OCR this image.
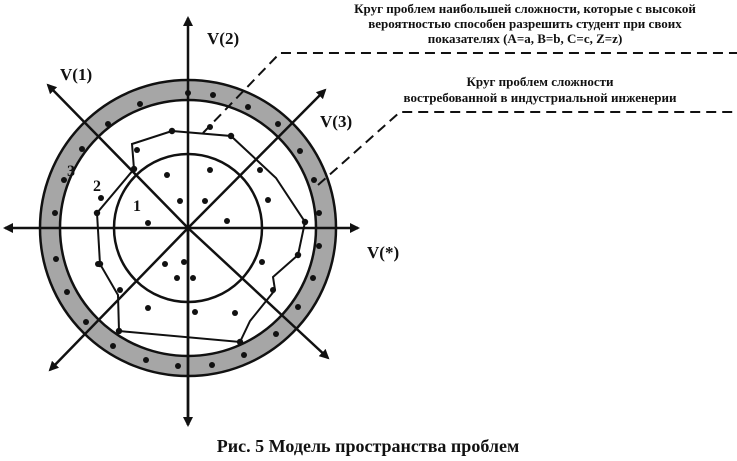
1
2
3
V(2)
V(1)
V(3)
V(*)
Круг проблем наибольшей сложности, которые с высокой
вероятностью способен разрешить студент при своих
показателях (A=a, B=b, C=c, Z=z)
Круг проблем сложности
востребованной в индустриальной инженерии
Рис. 5 Модель пространства проблем
